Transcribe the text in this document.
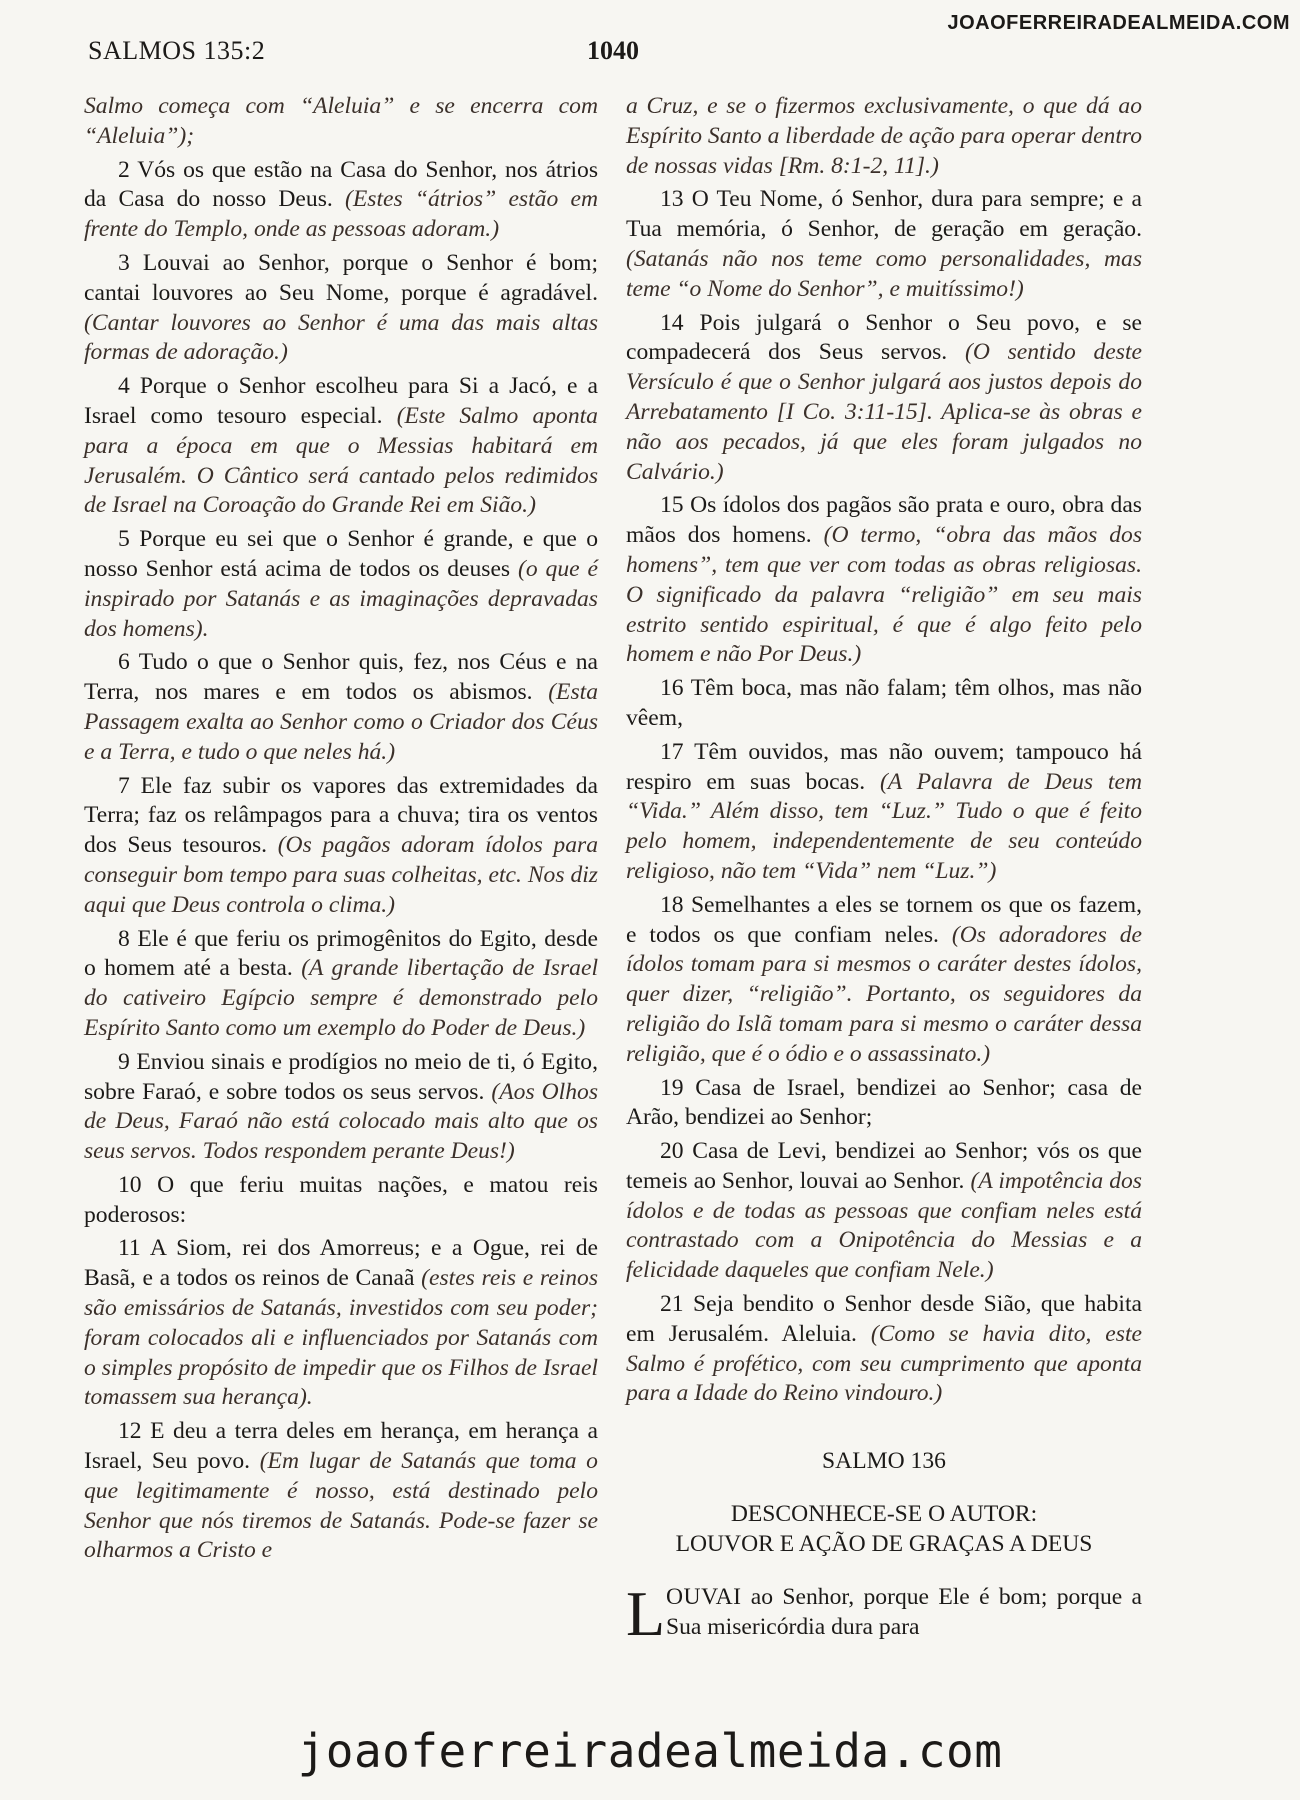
SALMOS 135:2	1040
JOAOFERREIRADEALMEIDA.COM

Salmo começa com “Aleluia” e se encerra com “Aleluia”);

2 Vós os que estão na Casa do Senhor, nos átrios da Casa do nosso Deus. (Estes “átrios” estão em frente do Templo, onde as pessoas adoram.)

3 Louvai ao Senhor, porque o Senhor é bom; cantai louvores ao Seu Nome, porque é agradável. (Cantar louvores ao Senhor é uma das mais altas formas de adoração.)

4 Porque o Senhor escolheu para Si a Jacó, e a Israel como tesouro especial. (Este Salmo aponta para a época em que o Messias habitará em Jerusalém. O Cântico será cantado pelos redimidos de Israel na Coroação do Grande Rei em Sião.)

5 Porque eu sei que o Senhor é grande, e que o nosso Senhor está acima de todos os deuses (o que é inspirado por Satanás e as imaginações depravadas dos homens).

6 Tudo o que o Senhor quis, fez, nos Céus e na Terra, nos mares e em todos os abismos. (Esta Passagem exalta ao Senhor como o Criador dos Céus e a Terra, e tudo o que neles há.)

7 Ele faz subir os vapores das extremidades da Terra; faz os relâmpagos para a chuva; tira os ventos dos Seus tesouros. (Os pagãos adoram ídolos para conseguir bom tempo para suas colheitas, etc. Nos diz aqui que Deus controla o clima.)

8 Ele é que feriu os primogênitos do Egito, desde o homem até a besta. (A grande libertação de Israel do cativeiro Egípcio sempre é demonstrado pelo Espírito Santo como um exemplo do Poder de Deus.)

9 Enviou sinais e prodígios no meio de ti, ó Egito, sobre Faraó, e sobre todos os seus servos. (Aos Olhos de Deus, Faraó não está colocado mais alto que os seus servos. Todos respondem perante Deus!)

10 O que feriu muitas nações, e matou reis poderosos:

11 A Siom, rei dos Amorreus; e a Ogue, rei de Basã, e a todos os reinos de Canaã (estes reis e reinos são emissários de Satanás, investidos com seu poder; foram colocados ali e influenciados por Satanás com o simples propósito de impedir que os Filhos de Israel tomassem sua herança).

12 E deu a terra deles em herança, em herança a Israel, Seu povo. (Em lugar de Satanás que toma o que legitimamente é nosso, está destinado pelo Senhor que nós tiremos de Satanás. Pode-se fazer se olharmos a Cristo e

a Cruz, e se o fizermos exclusivamente, o que dá ao Espírito Santo a liberdade de ação para operar dentro de nossas vidas [Rm. 8:1-2, 11].)

13 O Teu Nome, ó Senhor, dura para sempre; e a Tua memória, ó Senhor, de geração em geração. (Satanás não nos teme como personalidades, mas teme “o Nome do Senhor”, e muitíssimo!)

14 Pois julgará o Senhor o Seu povo, e se compadecerá dos Seus servos. (O sentido deste Versículo é que o Senhor julgará aos justos depois do Arrebatamento [I Co. 3:11-15]. Aplica-se às obras e não aos pecados, já que eles foram julgados no Calvário.)

15 Os ídolos dos pagãos são prata e ouro, obra das mãos dos homens. (O termo, “obra das mãos dos homens”, tem que ver com todas as obras religiosas. O significado da palavra “religião” em seu mais estrito sentido espiritual, é que é algo feito pelo homem e não Por Deus.)

16 Têm boca, mas não falam; têm olhos, mas não vêem,

17 Têm ouvidos, mas não ouvem; tampouco há respiro em suas bocas. (A Palavra de Deus tem “Vida.” Além disso, tem “Luz.” Tudo o que é feito pelo homem, independentemente de seu conteúdo religioso, não tem “Vida” nem “Luz.”)

18 Semelhantes a eles se tornem os que os fazem, e todos os que confiam neles. (Os adoradores de ídolos tomam para si mesmos o caráter destes ídolos, quer dizer, “religião”. Portanto, os seguidores da religião do Islã tomam para si mesmo o caráter dessa religião, que é o ódio e o assassinato.)

19 Casa de Israel, bendizei ao Senhor; casa de Arão, bendizei ao Senhor;

20 Casa de Levi, bendizei ao Senhor; vós os que temeis ao Senhor, louvai ao Senhor. (A impotência dos ídolos e de todas as pessoas que confiam neles está contrastado com a Onipotência do Messias e a felicidade daqueles que confiam Nele.)

21 Seja bendito o Senhor desde Sião, que habita em Jerusalém. Aleluia. (Como se havia dito, este Salmo é profético, com seu cumprimento que aponta para a Idade do Reino vindouro.)

SALMO 136

DESCONHECE-SE O AUTOR:
LOUVOR E AÇÃO DE GRAÇAS A DEUS

L OUVAI ao Senhor, porque Ele é bom; porque a Sua misericórdia dura para

joaoferreiradealmeida.com
